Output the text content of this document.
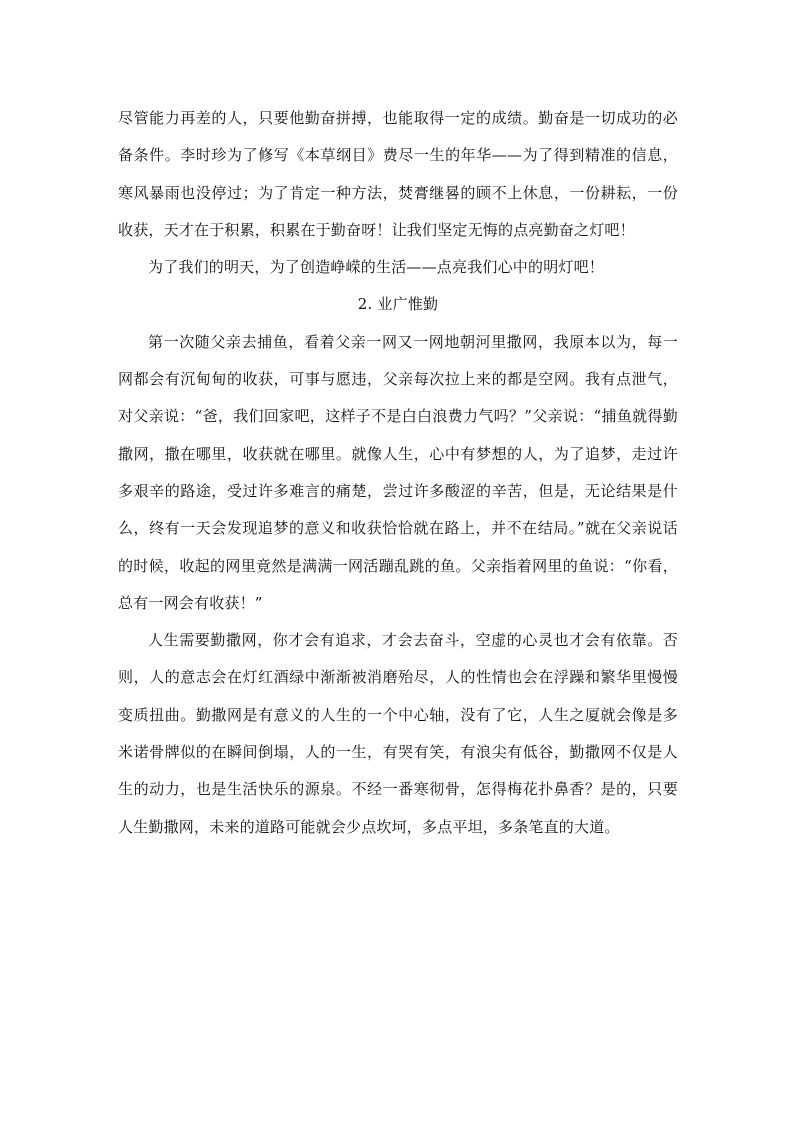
尽管能力再差的人，只要他勤奋拼搏，也能取得一定的成绩。勤奋是一切成功的必备条件。李时珍为了修写《本草纲目》费尽一生的年华——为了得到精准的信息，寒风暴雨也没停过；为了肯定一种方法，焚膏继晷的顾不上休息，一份耕耘，一份收获，天才在于积累，积累在于勤奋呀！让我们坚定无悔的点亮勤奋之灯吧！

为了我们的明天，为了创造峥嵘的生活——点亮我们心中的明灯吧！

2. 业广惟勤

第一次随父亲去捕鱼，看着父亲一网又一网地朝河里撒网，我原本以为，每一网都会有沉甸甸的收获，可事与愿违，父亲每次拉上来的都是空网。我有点泄气，对父亲说：“爸，我们回家吧，这样子不是白白浪费力气吗？”父亲说：“捕鱼就得勤撒网，撒在哪里，收获就在哪里。就像人生，心中有梦想的人，为了追梦，走过许多艰辛的路途，受过许多难言的痛楚，尝过许多酸涩的辛苦，但是，无论结果是什么，终有一天会发现追梦的意义和收获恰恰就在路上，并不在结局。”就在父亲说话的时候，收起的网里竟然是满满一网活蹦乱跳的鱼。父亲指着网里的鱼说：“你看，总有一网会有收获！”

人生需要勤撒网，你才会有追求，才会去奋斗，空虚的心灵也才会有依靠。否则，人的意志会在灯红酒绿中渐渐被消磨殆尽，人的性情也会在浮躁和繁华里慢慢变质扭曲。勤撒网是有意义的人生的一个中心轴，没有了它，人生之厦就会像是多米诺骨牌似的在瞬间倒塌，人的一生，有哭有笑，有浪尖有低谷，勤撒网不仅是人生的动力，也是生活快乐的源泉。不经一番寒彻骨，怎得梅花扑鼻香？是的，只要人生勤撒网，未来的道路可能就会少点坎坷，多点平坦，多条笔直的大道。
